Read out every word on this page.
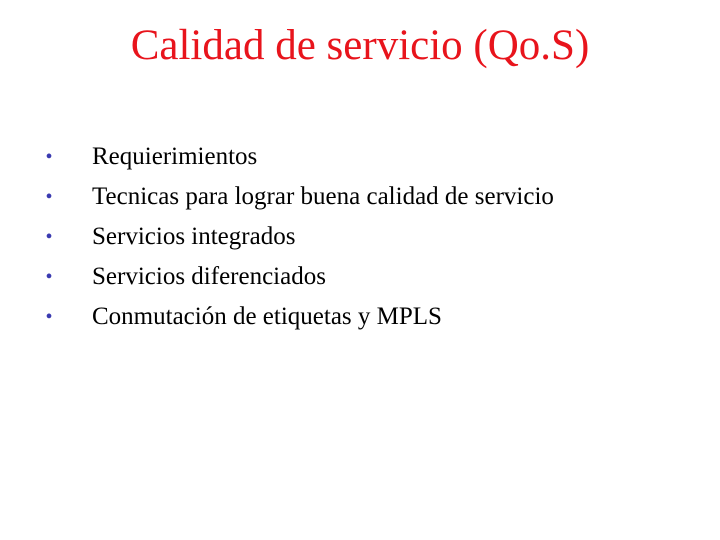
Calidad de servicio (Qo.S)
•	Requierimientos
•	Tecnicas para lograr buena calidad de servicio
•	Servicios integrados
•	Servicios diferenciados
•	Conmutación de etiquetas y MPLS
